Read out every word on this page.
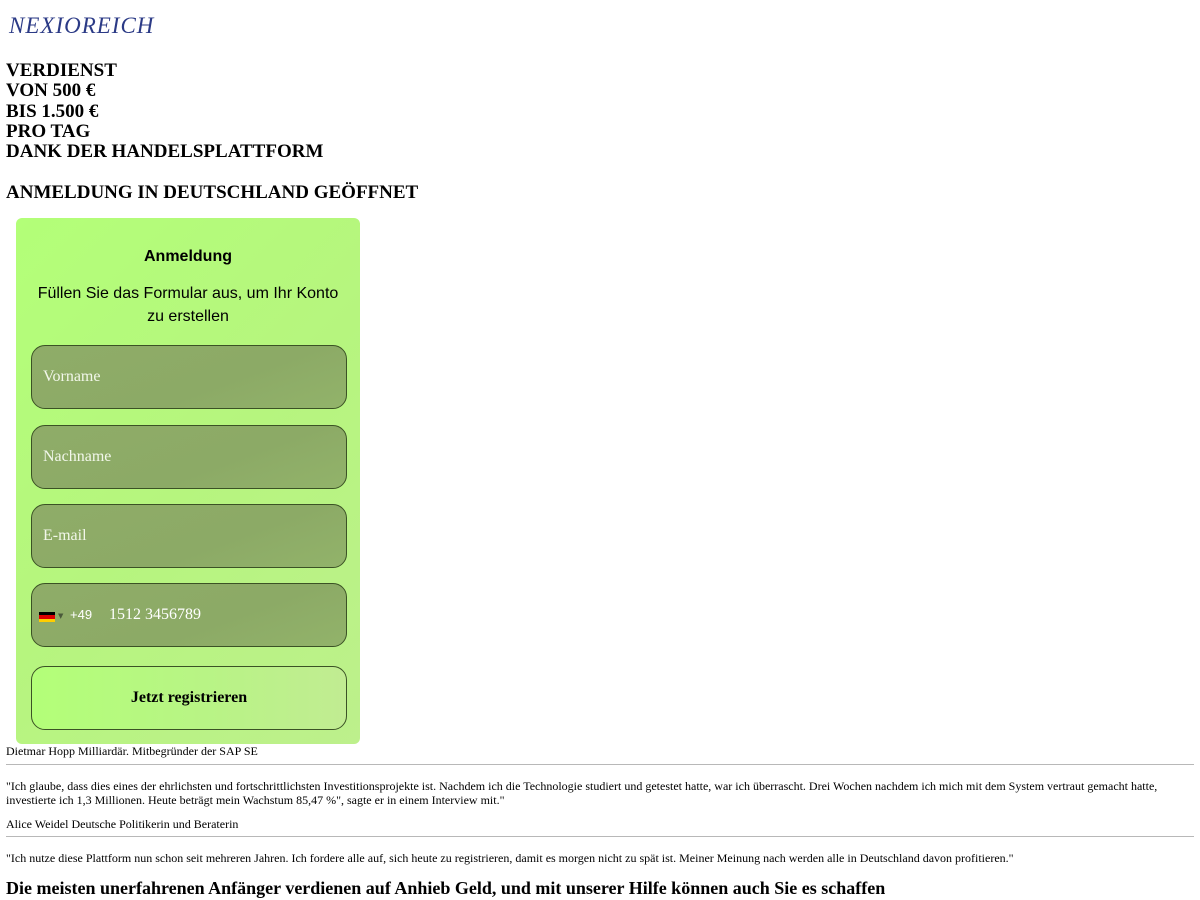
NEXIOREICH
VERDIENST
VON 500 €
BIS 1.500 €
PRO TAG
DANK DER HANDELSPLATTFORM
ANMELDUNG IN DEUTSCHLAND GEÖFFNET
Anmeldung
Füllen Sie das Formular aus, um Ihr Konto zu erstellen
Vorname
Nachname
E-mail
▼ +49
1512 3456789
Jetzt registrieren
Dietmar Hopp Milliardär. Mitbegründer der SAP SE
"Ich glaube, dass dies eines der ehrlichsten und fortschrittlichsten Investitionsprojekte ist. Nachdem ich die Technologie studiert und getestet hatte, war ich überrascht. Drei Wochen nachdem ich mich mit dem System vertraut gemacht hatte, investierte ich 1,3 Millionen. Heute beträgt mein Wachstum 85,47 %", sagte er in einem Interview mit."
Alice Weidel Deutsche Politikerin und Beraterin
"Ich nutze diese Plattform nun schon seit mehreren Jahren. Ich fordere alle auf, sich heute zu registrieren, damit es morgen nicht zu spät ist. Meiner Meinung nach werden alle in Deutschland davon profitieren."
Die meisten unerfahrenen Anfänger verdienen auf Anhieb Geld, und mit unserer Hilfe können auch Sie es schaffen
